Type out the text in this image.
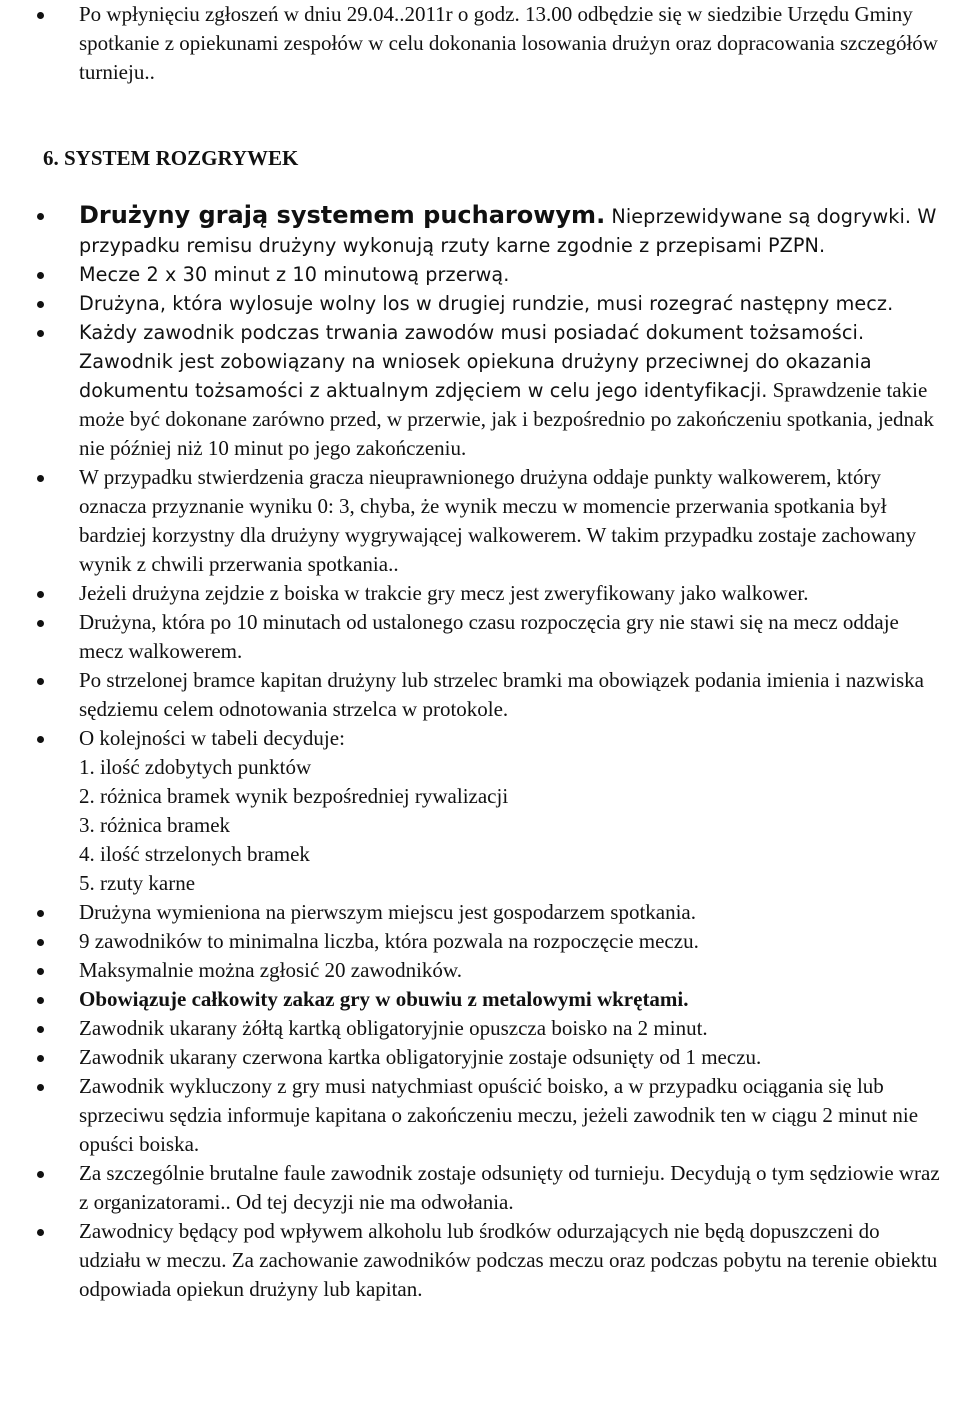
Po wpłynięciu zgłoszeń w dniu 29.04..2011r o godz. 13.00 odbędzie się w siedzibie Urzędu Gminy spotkanie z opiekunami zespołów w celu dokonania losowania drużyn oraz dopracowania szczegółów turnieju..
6. SYSTEM ROZGRYWEK
Drużyny grają systemem pucharowym. Nieprzewidywane są dogrywki. W przypadku remisu drużyny wykonują rzuty karne zgodnie z przepisami PZPN.
Mecze 2 x 30 minut z 10 minutową przerwą.
Drużyna, która wylosuje wolny los w drugiej rundzie, musi rozegrać następny mecz.
Każdy zawodnik podczas trwania zawodów musi posiadać dokument tożsamości. Zawodnik jest zobowiązany na wniosek opiekuna drużyny przeciwnej do okazania dokumentu tożsamości z aktualnym zdjęciem w celu jego identyfikacji. Sprawdzenie takie może być dokonane zarówno przed, w przerwie, jak i bezpośrednio po zakończeniu spotkania, jednak nie później niż 10 minut po jego zakończeniu.
W przypadku stwierdzenia gracza nieuprawnionego drużyna oddaje punkty walkowerem, który oznacza przyznanie wyniku 0: 3, chyba, że wynik meczu w momencie przerwania spotkania był bardziej korzystny dla drużyny wygrywającej walkowerem. W takim przypadku zostaje zachowany wynik z chwili przerwania spotkania..
Jeżeli drużyna zejdzie z boiska w trakcie gry mecz jest zweryfikowany jako walkower.
Drużyna, która po 10 minutach od ustalonego czasu rozpoczęcia gry nie stawi się na mecz oddaje mecz walkowerem.
Po strzelonej bramce kapitan drużyny lub strzelec bramki ma obowiązek podania imienia i nazwiska sędziemu celem odnotowania strzelca w protokole.
O kolejności w tabeli decyduje:
1. ilość zdobytych punktów
2. różnica bramek wynik bezpośredniej rywalizacji
3. różnica bramek
4. ilość strzelonych bramek
5. rzuty karne
Drużyna wymieniona na pierwszym miejscu jest gospodarzem spotkania.
9 zawodników to minimalna liczba, która pozwala na rozpoczęcie meczu.
Maksymalnie można zgłosić 20 zawodników.
Obowiązuje całkowity zakaz gry w obuwiu z metalowymi wkrętami.
Zawodnik ukarany żółtą kartką obligatoryjnie opuszcza boisko na 2 minut.
Zawodnik ukarany czerwona kartka obligatoryjnie zostaje odsunięty od 1 meczu.
Zawodnik wykluczony z gry musi natychmiast opuścić boisko, a w przypadku ociągania się lub sprzeciwu sędzia informuje kapitana o zakończeniu meczu, jeżeli zawodnik ten w ciągu 2 minut nie opuści boiska.
Za szczególnie brutalne faule zawodnik zostaje odsunięty od turnieju. Decydują o tym sędziowie wraz z organizatorami.. Od tej decyzji nie ma odwołania.
Zawodnicy będący pod wpływem alkoholu lub środków odurzających nie będą dopuszczeni do udziału w meczu. Za zachowanie zawodników podczas meczu oraz podczas pobytu na terenie obiektu odpowiada opiekun drużyny lub kapitan.
